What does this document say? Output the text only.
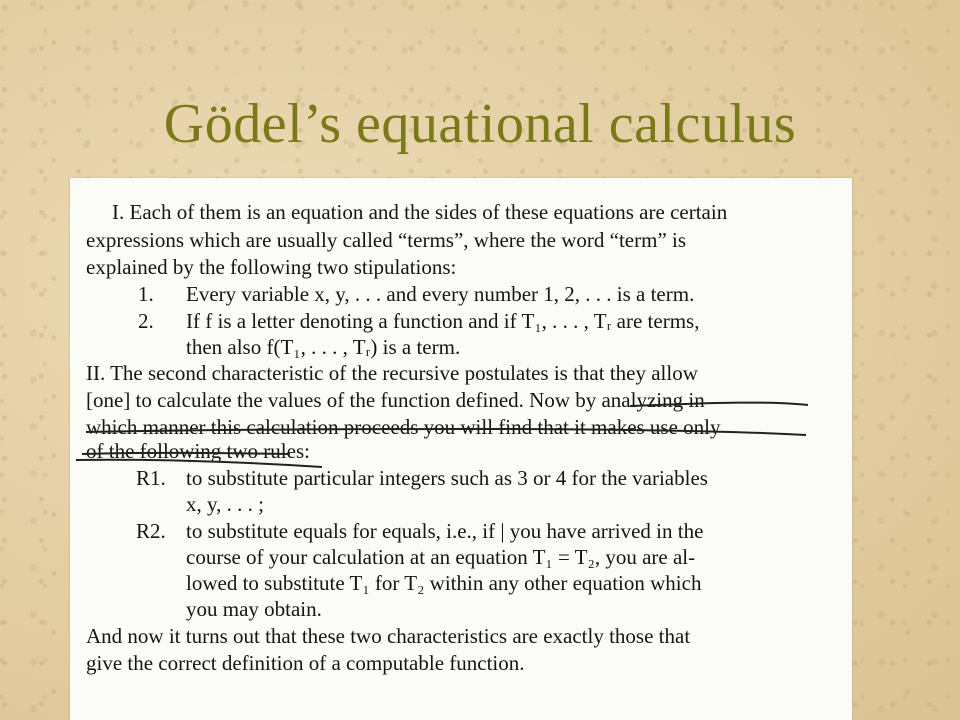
Gödel’s equational calculus
I. Each of them is an equation and the sides of these equations are certain
expressions which are usually called “terms”, where the word “term” is
explained by the following two stipulations:
1. Every variable x, y, . . . and every number 1, 2, . . . is a term.
2. If f is a letter denoting a function and if T₁, . . . , Tᵣ are terms,
then also f(T₁, . . . , Tᵣ) is a term.
II. The second characteristic of the recursive postulates is that they allow
[one] to calculate the values of the function defined. Now by analyzing in
which manner this calculation proceeds you will find that it makes use only
of the following two rules:
R1. to substitute particular integers such as 3 or 4 for the variables
x, y, . . . ;
R2. to substitute equals for equals, i.e., if | you have arrived in the
course of your calculation at an equation T₁ = T₂, you are al-
lowed to substitute T₁ for T₂ within any other equation which
you may obtain.
And now it turns out that these two characteristics are exactly those that
give the correct definition of a computable function.
